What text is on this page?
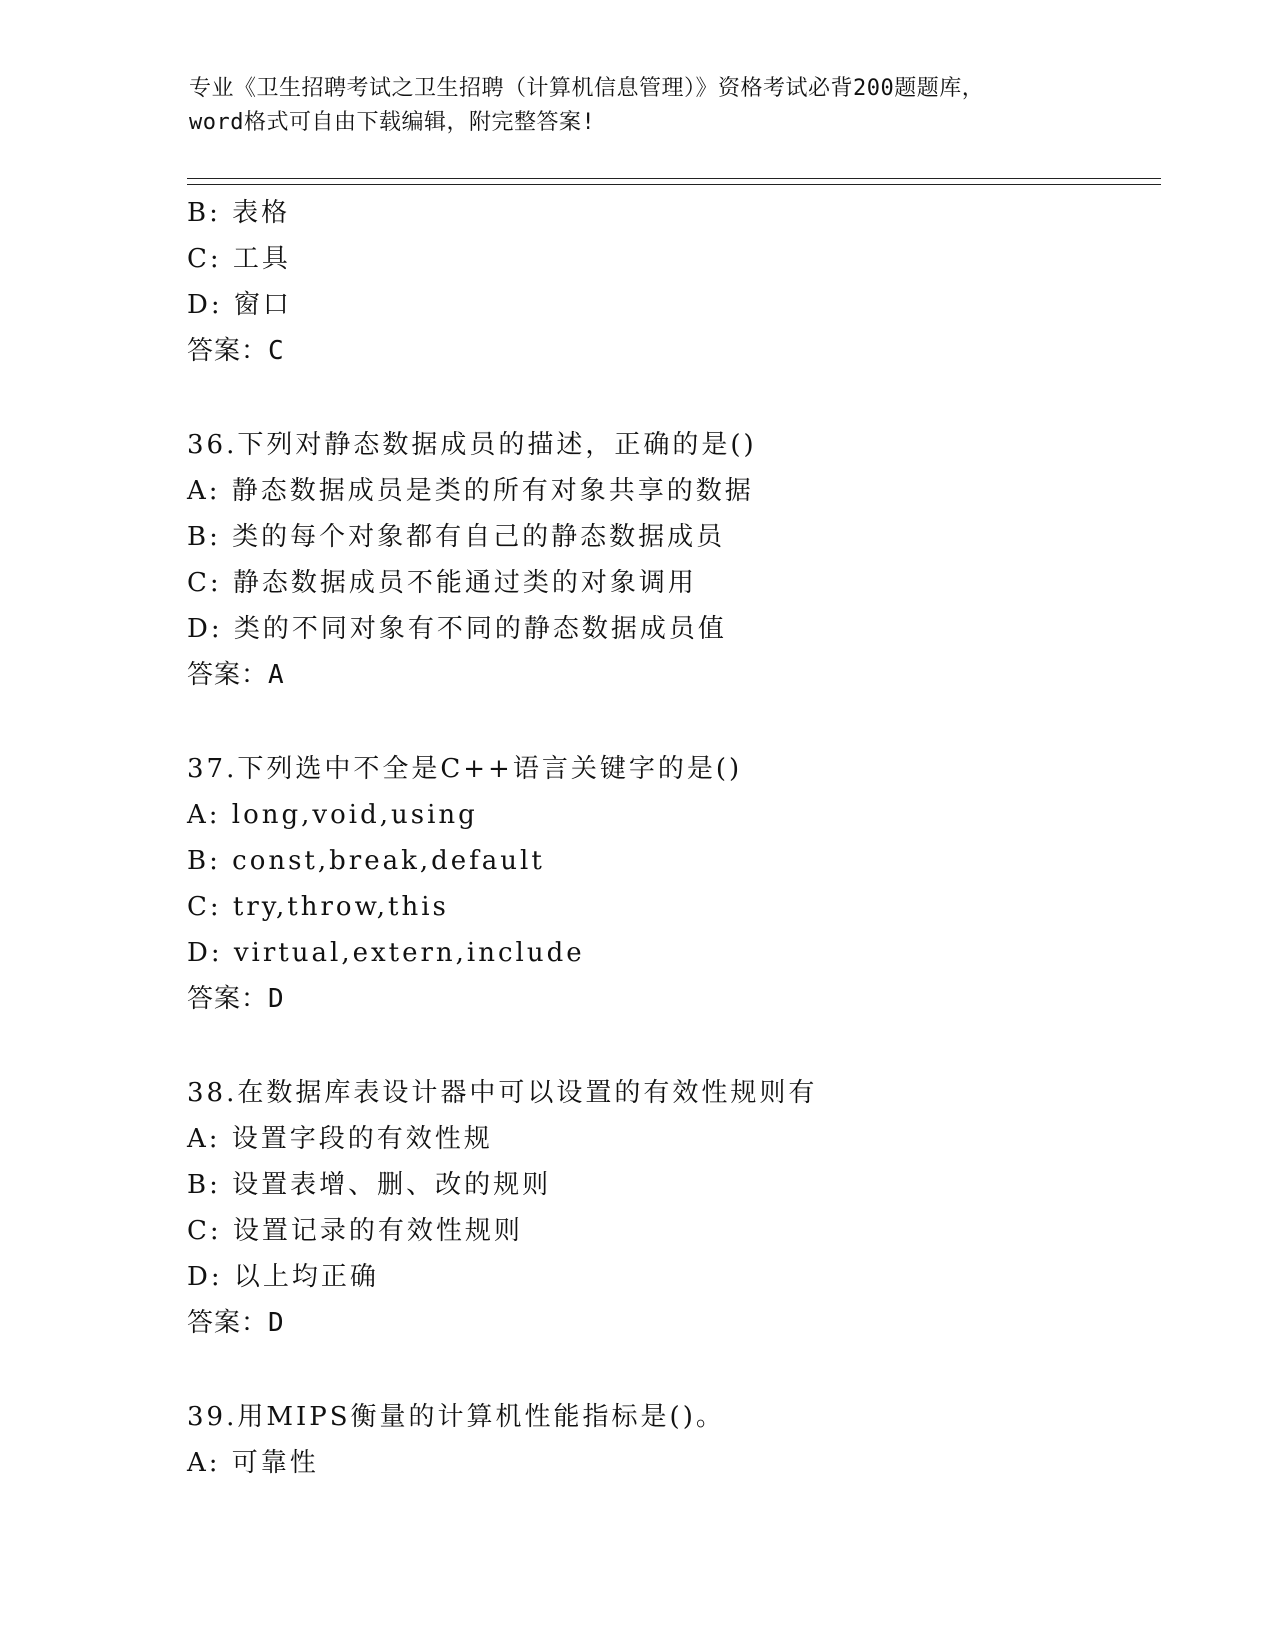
专业《卫生招聘考试之卫生招聘（计算机信息管理）》资格考试必背200题题库，
word格式可自由下载编辑，附完整答案!
B: 表格
C: 工具
D: 窗口
答案：C
36.下列对静态数据成员的描述，正确的是()
A: 静态数据成员是类的所有对象共享的数据
B: 类的每个对象都有自己的静态数据成员
C: 静态数据成员不能通过类的对象调用
D: 类的不同对象有不同的静态数据成员值
答案：A
37.下列选中不全是C++语言关键字的是()
A: long,void,using
B: const,break,default
C: try,throw,this
D: virtual,extern,include
答案：D
38.在数据库表设计器中可以设置的有效性规则有
A: 设置字段的有效性规
B: 设置表增、删、改的规则
C: 设置记录的有效性规则
D: 以上均正确
答案：D
39.用MIPS衡量的计算机性能指标是()。
A: 可靠性
